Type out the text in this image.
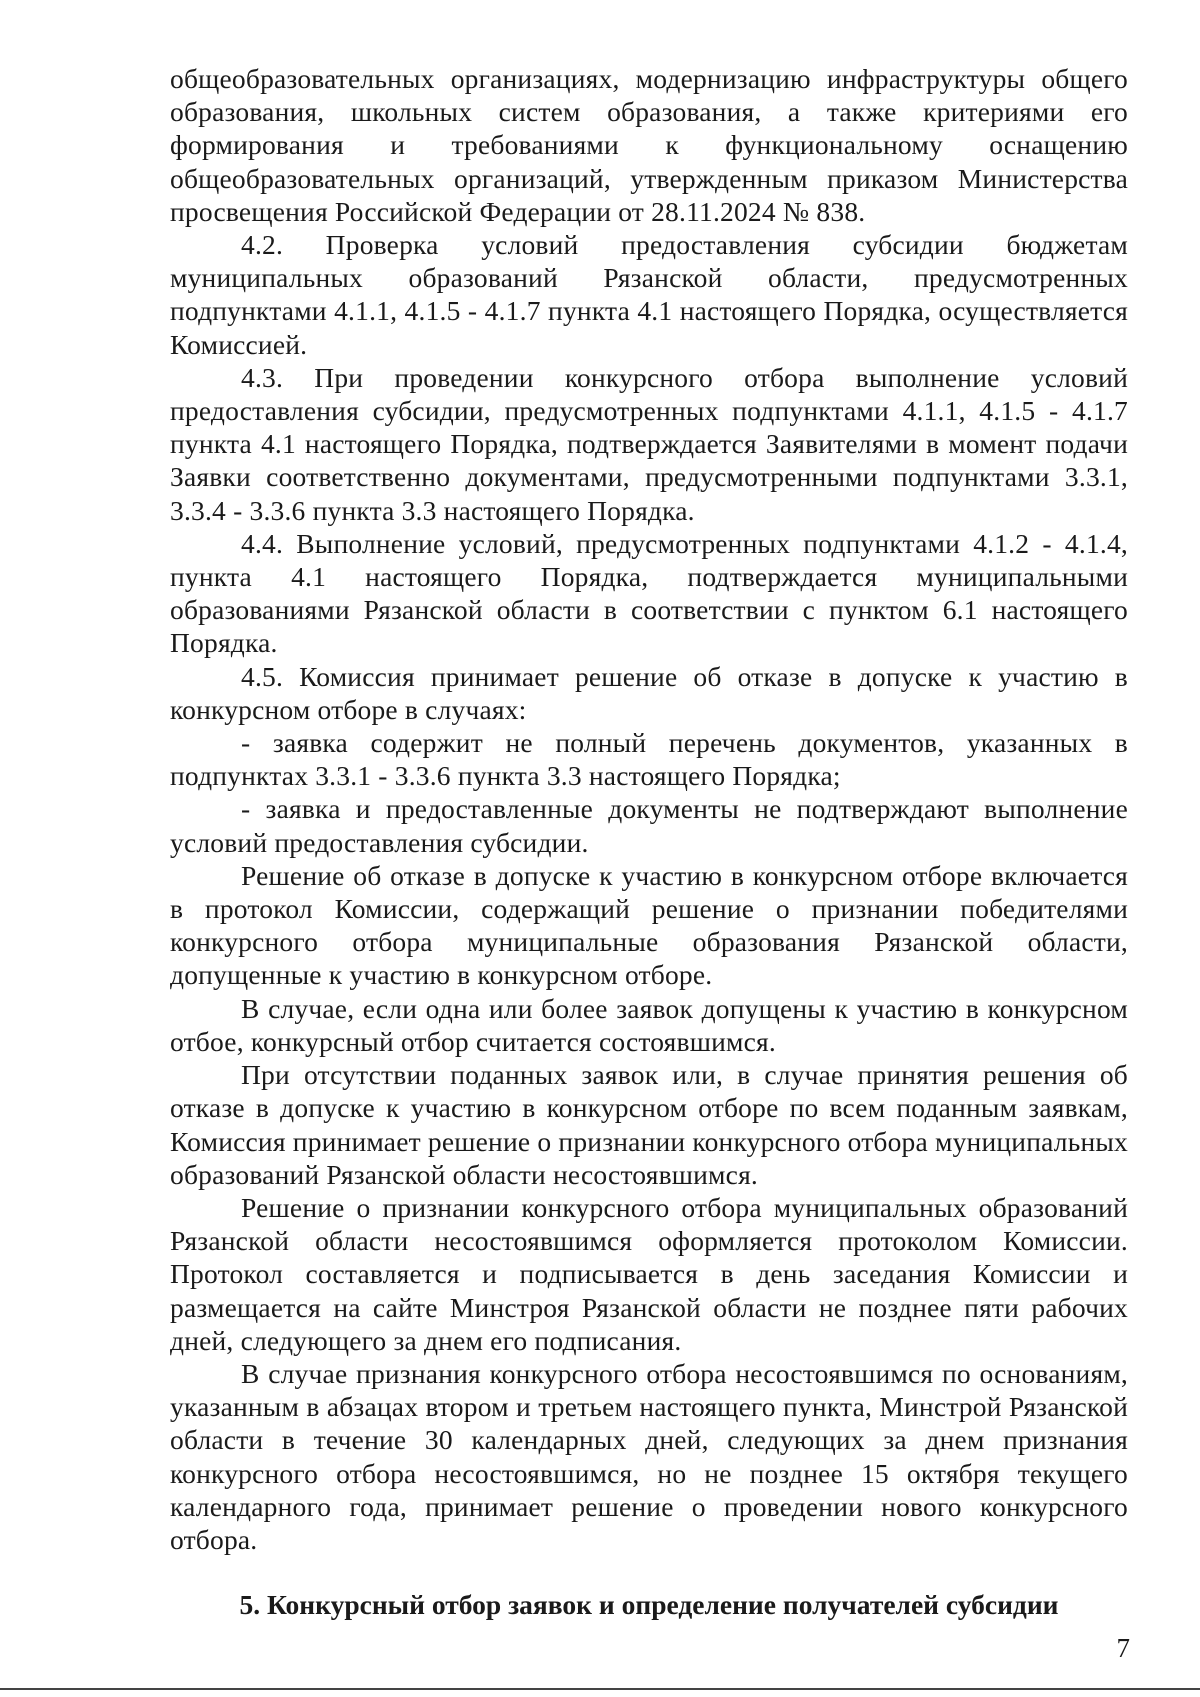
общеобразовательных организациях, модернизацию инфраструктуры общего образования, школьных систем образования, а также критериями его формирования и требованиями к функциональному оснащению общеобразовательных организаций, утвержденным приказом Министерства просвещения Российской Федерации от 28.11.2024 № 838.

4.2. Проверка условий предоставления субсидии бюджетам муниципальных образований Рязанской области, предусмотренных подпунктами 4.1.1, 4.1.5 - 4.1.7 пункта 4.1 настоящего Порядка, осуществляется Комиссией.

4.3. При проведении конкурсного отбора выполнение условий предоставления субсидии, предусмотренных подпунктами 4.1.1, 4.1.5 - 4.1.7 пункта 4.1 настоящего Порядка, подтверждается Заявителями в момент подачи Заявки соответственно документами, предусмотренными подпунктами 3.3.1, 3.3.4 - 3.3.6 пункта 3.3 настоящего Порядка.

4.4. Выполнение условий, предусмотренных подпунктами 4.1.2 - 4.1.4, пункта 4.1 настоящего Порядка, подтверждается муниципальными образованиями Рязанской области в соответствии с пунктом 6.1 настоящего Порядка.

4.5. Комиссия принимает решение об отказе в допуске к участию в конкурсном отборе в случаях:

- заявка содержит не полный перечень документов, указанных в подпунктах 3.3.1 - 3.3.6 пункта 3.3 настоящего Порядка;

- заявка и предоставленные документы не подтверждают выполнение условий предоставления субсидии.

Решение об отказе в допуске к участию в конкурсном отборе включается в протокол Комиссии, содержащий решение о признании победителями конкурсного отбора муниципальные образования Рязанской области, допущенные к участию в конкурсном отборе.

В случае, если одна или более заявок допущены к участию в конкурсном отбое, конкурсный отбор считается состоявшимся.

При отсутствии поданных заявок или, в случае принятия решения об отказе в допуске к участию в конкурсном отборе по всем поданным заявкам, Комиссия принимает решение о признании конкурсного отбора муниципальных образований Рязанской области несостоявшимся.

Решение о признании конкурсного отбора муниципальных образований Рязанской области несостоявшимся оформляется протоколом Комиссии. Протокол составляется и подписывается в день заседания Комиссии и размещается на сайте Минстроя Рязанской области не позднее пяти рабочих дней, следующего за днем его подписания.

В случае признания конкурсного отбора несостоявшимся по основаниям, указанным в абзацах втором и третьем настоящего пункта, Минстрой Рязанской области в течение 30 календарных дней, следующих за днем признания конкурсного отбора несостоявшимся, но не позднее 15 октября текущего календарного года, принимает решение о проведении нового конкурсного отбора.

5. Конкурсный отбор заявок и определение получателей субсидии
7
